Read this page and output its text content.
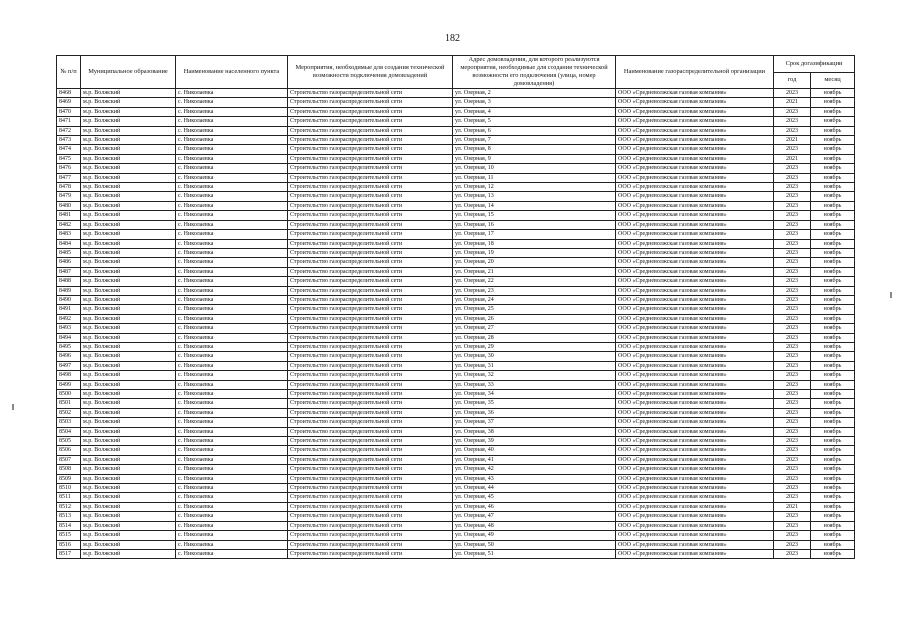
182
№ п/п	Муниципальное образование	Наименование населенного пункта	Мероприятия, необходимые для создания технической возможности подключения домовладений	Адрес домовладения, для которого реализуются мероприятия, необходимые для создания технической возможности его подключения (улица, номер домовладения)	Наименование газораспределительной организации	Срок догазификации	
						год	месяц
8468	м.р. Волжский	с. Николаевка	Строительство газораспределительной сети	ул. Озерная, 2	ООО «Средневолжская газовая компания»	2023	ноябрь
8469	м.р. Волжский	с. Николаевка	Строительство газораспределительной сети	ул. Озерная, 3	ООО «Средневолжская газовая компания»	2021	ноябрь
8470	м.р. Волжский	с. Николаевка	Строительство газораспределительной сети	ул. Озерная, 4	ООО «Средневолжская газовая компания»	2023	ноябрь
8471	м.р. Волжский	с. Николаевка	Строительство газораспределительной сети	ул. Озерная, 5	ООО «Средневолжская газовая компания»	2023	ноябрь
8472	м.р. Волжский	с. Николаевка	Строительство газораспределительной сети	ул. Озерная, 6	ООО «Средневолжская газовая компания»	2023	ноябрь
8473	м.р. Волжский	с. Николаевка	Строительство газораспределительной сети	ул. Озерная, 7	ООО «Средневолжская газовая компания»	2021	ноябрь
8474	м.р. Волжский	с. Николаевка	Строительство газораспределительной сети	ул. Озерная, 8	ООО «Средневолжская газовая компания»	2023	ноябрь
8475	м.р. Волжский	с. Николаевка	Строительство газораспределительной сети	ул. Озерная, 9	ООО «Средневолжская газовая компания»	2021	ноябрь
8476	м.р. Волжский	с. Николаевка	Строительство газораспределительной сети	ул. Озерная, 10	ООО «Средневолжская газовая компания»	2023	ноябрь
8477	м.р. Волжский	с. Николаевка	Строительство газораспределительной сети	ул. Озерная, 11	ООО «Средневолжская газовая компания»	2023	ноябрь
8478	м.р. Волжский	с. Николаевка	Строительство газораспределительной сети	ул. Озерная, 12	ООО «Средневолжская газовая компания»	2023	ноябрь
8479	м.р. Волжский	с. Николаевка	Строительство газораспределительной сети	ул. Озерная, 13	ООО «Средневолжская газовая компания»	2023	ноябрь
8480	м.р. Волжский	с. Николаевка	Строительство газораспределительной сети	ул. Озерная, 14	ООО «Средневолжская газовая компания»	2023	ноябрь
8481	м.р. Волжский	с. Николаевка	Строительство газораспределительной сети	ул. Озерная, 15	ООО «Средневолжская газовая компания»	2023	ноябрь
8482	м.р. Волжский	с. Николаевка	Строительство газораспределительной сети	ул. Озерная, 16	ООО «Средневолжская газовая компания»	2023	ноябрь
8483	м.р. Волжский	с. Николаевка	Строительство газораспределительной сети	ул. Озерная, 17	ООО «Средневолжская газовая компания»	2023	ноябрь
8484	м.р. Волжский	с. Николаевка	Строительство газораспределительной сети	ул. Озерная, 18	ООО «Средневолжская газовая компания»	2023	ноябрь
8485	м.р. Волжский	с. Николаевка	Строительство газораспределительной сети	ул. Озерная, 19	ООО «Средневолжская газовая компания»	2023	ноябрь
8486	м.р. Волжский	с. Николаевка	Строительство газораспределительной сети	ул. Озерная, 20	ООО «Средневолжская газовая компания»	2023	ноябрь
8487	м.р. Волжский	с. Николаевка	Строительство газораспределительной сети	ул. Озерная, 21	ООО «Средневолжская газовая компания»	2023	ноябрь
8488	м.р. Волжский	с. Николаевка	Строительство газораспределительной сети	ул. Озерная, 22	ООО «Средневолжская газовая компания»	2023	ноябрь
8489	м.р. Волжский	с. Николаевка	Строительство газораспределительной сети	ул. Озерная, 23	ООО «Средневолжская газовая компания»	2023	ноябрь
8490	м.р. Волжский	с. Николаевка	Строительство газораспределительной сети	ул. Озерная, 24	ООО «Средневолжская газовая компания»	2023	ноябрь
8491	м.р. Волжский	с. Николаевка	Строительство газораспределительной сети	ул. Озерная, 25	ООО «Средневолжская газовая компания»	2023	ноябрь
8492	м.р. Волжский	с. Николаевка	Строительство газораспределительной сети	ул. Озерная, 26	ООО «Средневолжская газовая компания»	2023	ноябрь
8493	м.р. Волжский	с. Николаевка	Строительство газораспределительной сети	ул. Озерная, 27	ООО «Средневолжская газовая компания»	2023	ноябрь
8494	м.р. Волжский	с. Николаевка	Строительство газораспределительной сети	ул. Озерная, 28	ООО «Средневолжская газовая компания»	2023	ноябрь
8495	м.р. Волжский	с. Николаевка	Строительство газораспределительной сети	ул. Озерная, 29	ООО «Средневолжская газовая компания»	2023	ноябрь
8496	м.р. Волжский	с. Николаевка	Строительство газораспределительной сети	ул. Озерная, 30	ООО «Средневолжская газовая компания»	2023	ноябрь
8497	м.р. Волжский	с. Николаевка	Строительство газораспределительной сети	ул. Озерная, 31	ООО «Средневолжская газовая компания»	2023	ноябрь
8498	м.р. Волжский	с. Николаевка	Строительство газораспределительной сети	ул. Озерная, 32	ООО «Средневолжская газовая компания»	2023	ноябрь
8499	м.р. Волжский	с. Николаевка	Строительство газораспределительной сети	ул. Озерная, 33	ООО «Средневолжская газовая компания»	2023	ноябрь
8500	м.р. Волжский	с. Николаевка	Строительство газораспределительной сети	ул. Озерная, 34	ООО «Средневолжская газовая компания»	2023	ноябрь
8501	м.р. Волжский	с. Николаевка	Строительство газораспределительной сети	ул. Озерная, 35	ООО «Средневолжская газовая компания»	2023	ноябрь
8502	м.р. Волжский	с. Николаевка	Строительство газораспределительной сети	ул. Озерная, 36	ООО «Средневолжская газовая компания»	2023	ноябрь
8503	м.р. Волжский	с. Николаевка	Строительство газораспределительной сети	ул. Озерная, 37	ООО «Средневолжская газовая компания»	2023	ноябрь
8504	м.р. Волжский	с. Николаевка	Строительство газораспределительной сети	ул. Озерная, 38	ООО «Средневолжская газовая компания»	2023	ноябрь
8505	м.р. Волжский	с. Николаевка	Строительство газораспределительной сети	ул. Озерная, 39	ООО «Средневолжская газовая компания»	2023	ноябрь
8506	м.р. Волжский	с. Николаевка	Строительство газораспределительной сети	ул. Озерная, 40	ООО «Средневолжская газовая компания»	2023	ноябрь
8507	м.р. Волжский	с. Николаевка	Строительство газораспределительной сети	ул. Озерная, 41	ООО «Средневолжская газовая компания»	2023	ноябрь
8508	м.р. Волжский	с. Николаевка	Строительство газораспределительной сети	ул. Озерная, 42	ООО «Средневолжская газовая компания»	2023	ноябрь
8509	м.р. Волжский	с. Николаевка	Строительство газораспределительной сети	ул. Озерная, 43	ООО «Средневолжская газовая компания»	2023	ноябрь
8510	м.р. Волжский	с. Николаевка	Строительство газораспределительной сети	ул. Озерная, 44	ООО «Средневолжская газовая компания»	2023	ноябрь
8511	м.р. Волжский	с. Николаевка	Строительство газораспределительной сети	ул. Озерная, 45	ООО «Средневолжская газовая компания»	2023	ноябрь
8512	м.р. Волжский	с. Николаевка	Строительство газораспределительной сети	ул. Озерная, 46	ООО «Средневолжская газовая компания»	2021	ноябрь
8513	м.р. Волжский	с. Николаевка	Строительство газораспределительной сети	ул. Озерная, 47	ООО «Средневолжская газовая компания»	2023	ноябрь
8514	м.р. Волжский	с. Николаевка	Строительство газораспределительной сети	ул. Озерная, 48	ООО «Средневолжская газовая компания»	2023	ноябрь
8515	м.р. Волжский	с. Николаевка	Строительство газораспределительной сети	ул. Озерная, 49	ООО «Средневолжская газовая компания»	2023	ноябрь
8516	м.р. Волжский	с. Николаевка	Строительство газораспределительной сети	ул. Озерная, 50	ООО «Средневолжская газовая компания»	2023	ноябрь
8517	м.р. Волжский	с. Николаевка	Строительство газораспределительной сети	ул. Озерная, 51	ООО «Средневолжская газовая компания»	2023	ноябрь
